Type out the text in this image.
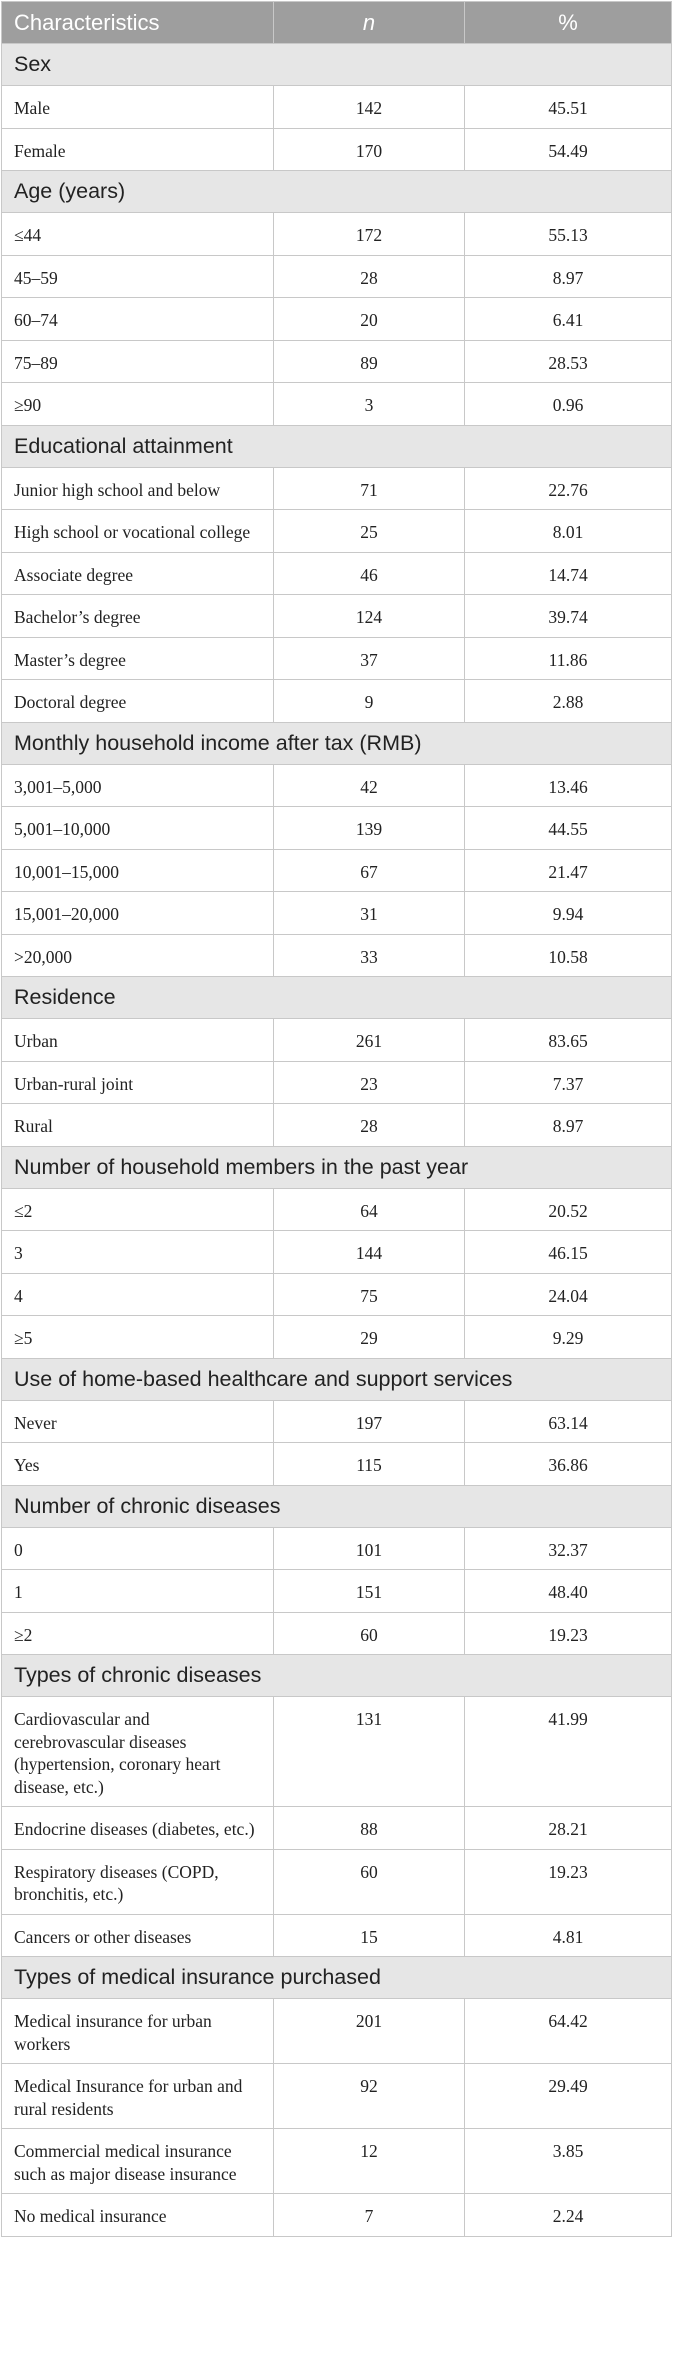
Characteristics	n	%
Sex		
Male	142	45.51
Female	170	54.49
Age (years)		
≤44	172	55.13
45–59	28	8.97
60–74	20	6.41
75–89	89	28.53
≥90	3	0.96
Educational attainment		
Junior high school and below	71	22.76
High school or vocational college	25	8.01
Associate degree	46	14.74
Bachelor’s degree	124	39.74
Master’s degree	37	11.86
Doctoral degree	9	2.88
Monthly household income after tax (RMB)		
3,001–5,000	42	13.46
5,001–10,000	139	44.55
10,001–15,000	67	21.47
15,001–20,000	31	9.94
>20,000	33	10.58
Residence		
Urban	261	83.65
Urban-rural joint	23	7.37
Rural	28	8.97
Number of household members in the past year		
≤2	64	20.52
3	144	46.15
4	75	24.04
≥5	29	9.29
Use of home-based healthcare and support services		
Never	197	63.14
Yes	115	36.86
Number of chronic diseases		
0	101	32.37
1	151	48.40
≥2	60	19.23
Types of chronic diseases		
Cardiovascular and cerebrovascular diseases (hypertension, coronary heart disease, etc.)	131	41.99
Endocrine diseases (diabetes, etc.)	88	28.21
Respiratory diseases (COPD, bronchitis, etc.)	60	19.23
Cancers or other diseases	15	4.81
Types of medical insurance purchased		
Medical insurance for urban workers	201	64.42
Medical Insurance for urban and rural residents	92	29.49
Commercial medical insurance such as major disease insurance	12	3.85
No medical insurance	7	2.24
